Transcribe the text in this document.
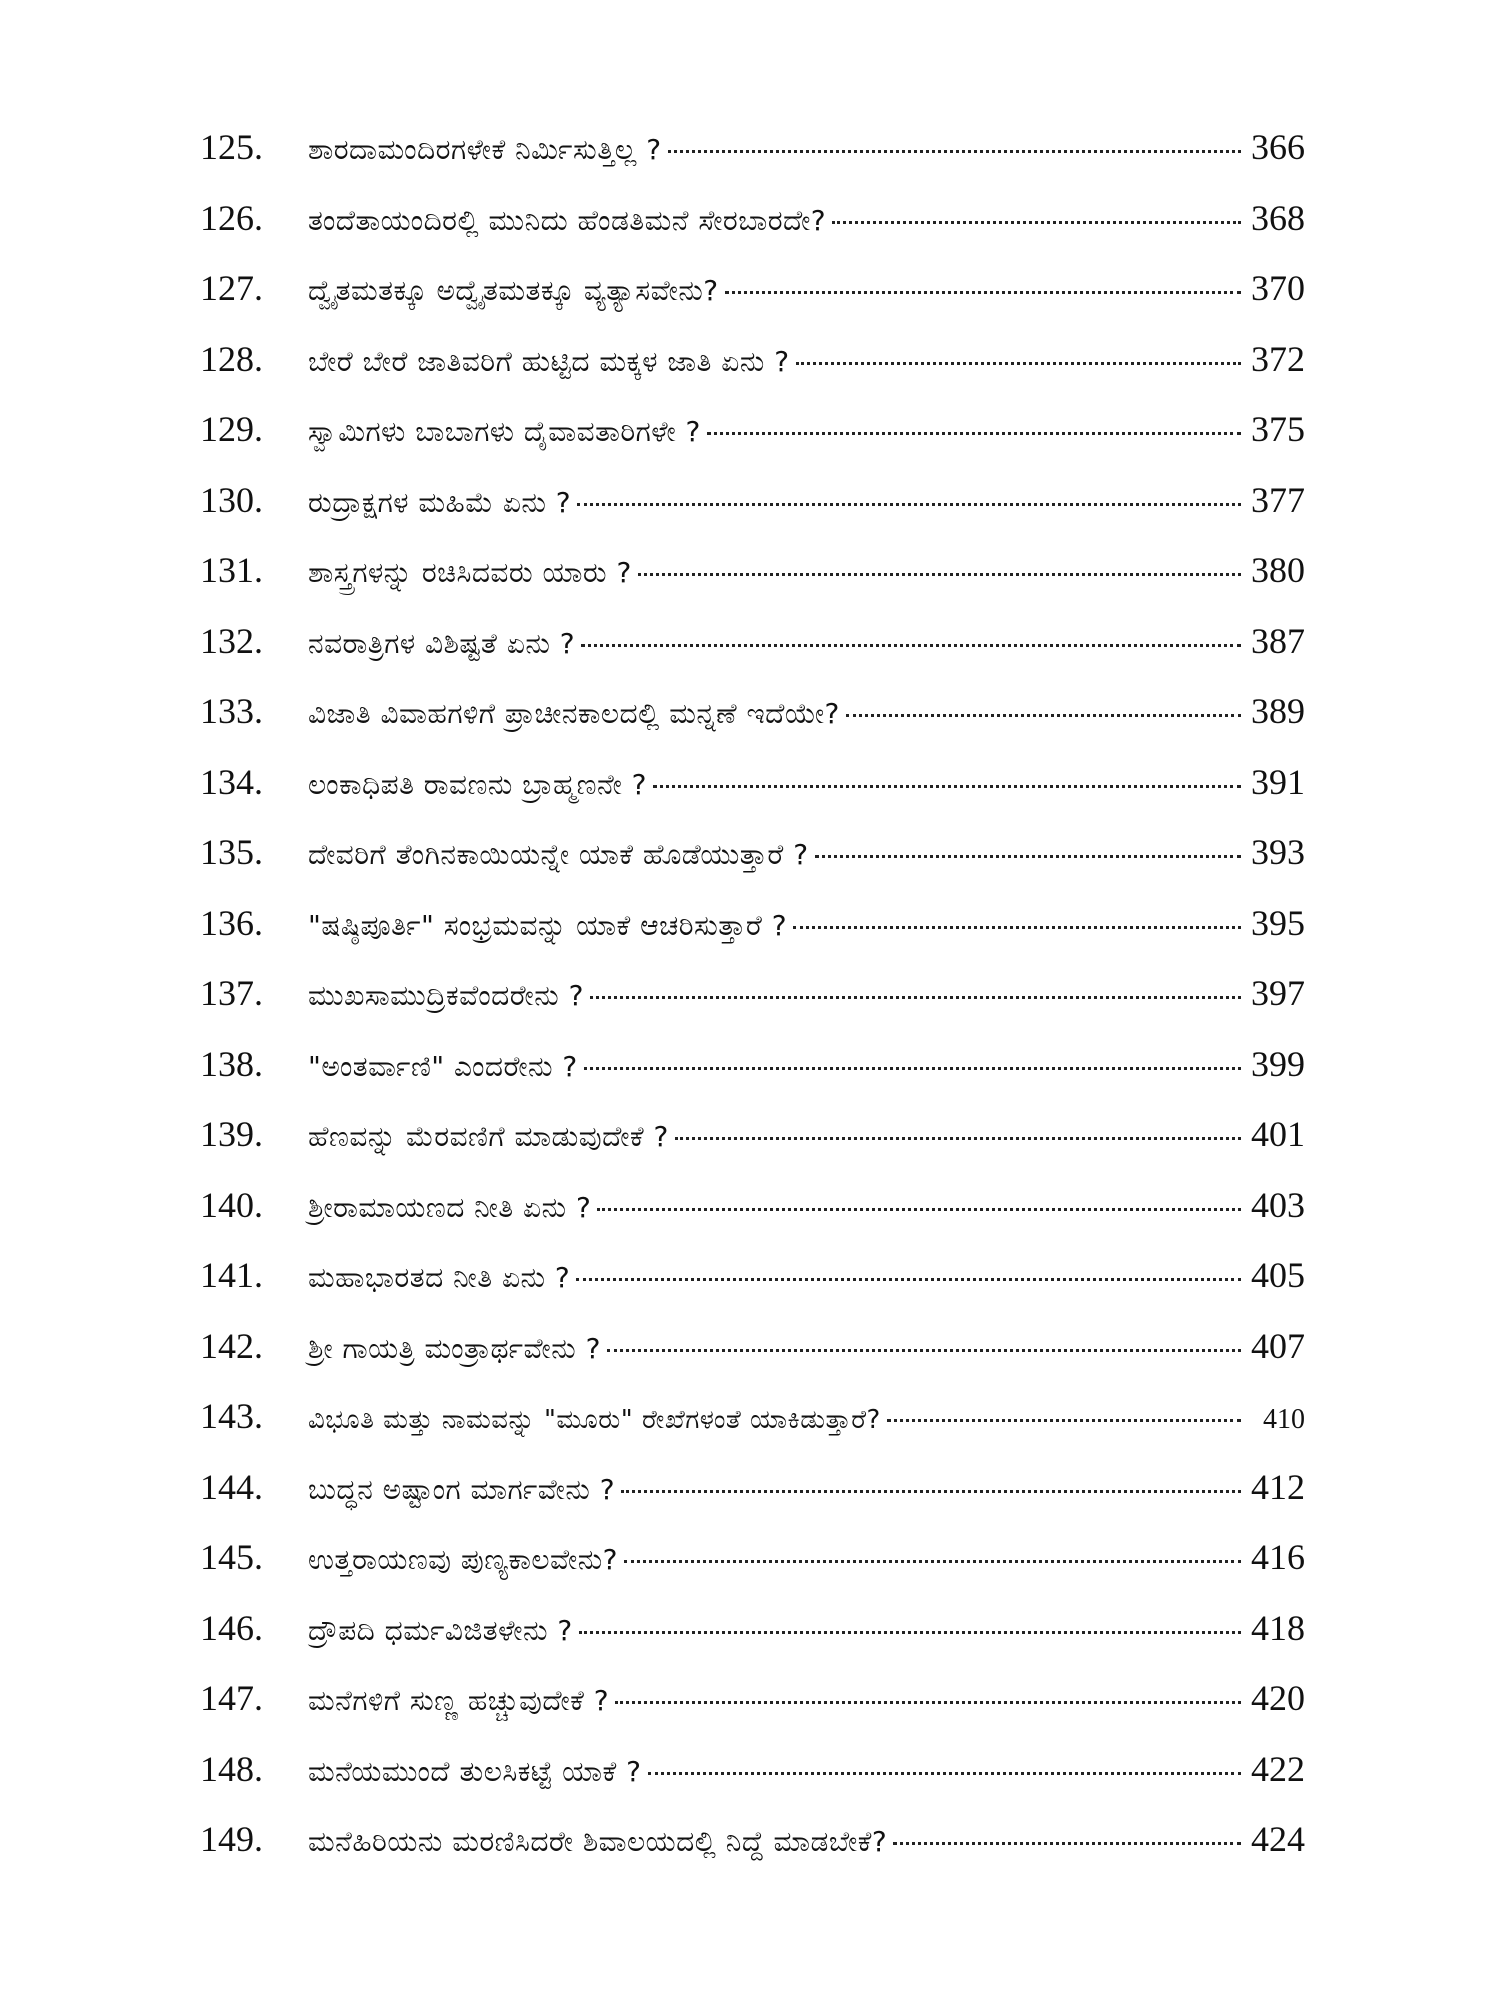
125.	ಶಾರದಾಮಂದಿರಗಳೇಕೆ ನಿರ್ಮಿಸುತ್ತಿಲ್ಲ ?	366
126.	ತಂದೆತಾಯಂದಿರಲ್ಲಿ ಮುನಿದು ಹೆಂಡತಿಮನೆ ಸೇರಬಾರದೇ?	368
127.	ದ್ವೈತಮತಕ್ಕೂ ಅದ್ವೈತಮತಕ್ಕೂ ವ್ಯತ್ಯಾಸವೇನು?	370
128.	ಬೇರೆ ಬೇರೆ ಜಾತಿವರಿಗೆ ಹುಟ್ಟಿದ ಮಕ್ಕಳ ಜಾತಿ ಏನು ?	372
129.	ಸ್ವಾಮಿಗಳು ಬಾಬಾಗಳು ದೈವಾವತಾರಿಗಳೇ ?	375
130.	ರುದ್ರಾಕ್ಷಗಳ ಮಹಿಮೆ ಏನು ?	377
131.	ಶಾಸ್ತ್ರಗಳನ್ನು ರಚಿಸಿದವರು ಯಾರು ?	380
132.	ನವರಾತ್ರಿಗಳ ವಿಶಿಷ್ಟತೆ ಏನು ?	387
133.	ವಿಜಾತಿ ವಿವಾಹಗಳಿಗೆ ಪ್ರಾಚೀನಕಾಲದಲ್ಲಿ ಮನ್ನಣೆ ಇದೆಯೇ?	389
134.	ಲಂಕಾಧಿಪತಿ ರಾವಣನು ಬ್ರಾಹ್ಮಣನೇ ?	391
135.	ದೇವರಿಗೆ ತೆಂಗಿನಕಾಯಿಯನ್ನೇ ಯಾಕೆ ಹೊಡೆಯುತ್ತಾರೆ ?	393
136.	"ಷಷ್ಠಿಪೂರ್ತಿ" ಸಂಭ್ರಮವನ್ನು ಯಾಕೆ ಆಚರಿಸುತ್ತಾರೆ ?	395
137.	ಮುಖಸಾಮುದ್ರಿಕವೆಂದರೇನು ?	397
138.	"ಅಂತರ್ವಾಣಿ" ಎಂದರೇನು ?	399
139.	ಹೆಣವನ್ನು ಮೆರವಣಿಗೆ ಮಾಡುವುದೇಕೆ ?	401
140.	ಶ್ರೀರಾಮಾಯಣದ ನೀತಿ ಏನು ?	403
141.	ಮಹಾಭಾರತದ ನೀತಿ ಏನು ?	405
142.	ಶ್ರೀ ಗಾಯತ್ರಿ ಮಂತ್ರಾರ್ಥವೇನು ?	407
143.	ವಿಭೂತಿ ಮತ್ತು ನಾಮವನ್ನು "ಮೂರು" ರೇಖೆಗಳಂತೆ ಯಾಕಿಡುತ್ತಾರೆ?	410
144.	ಬುದ್ಧನ ಅಷ್ಟಾಂಗ ಮಾರ್ಗವೇನು ?	412
145.	ಉತ್ತರಾಯಣವು ಪುಣ್ಯಕಾಲವೇನು?	416
146.	ದ್ರೌಪದಿ ಧರ್ಮವಿಜಿತಳೇನು ?	418
147.	ಮನೆಗಳಿಗೆ ಸುಣ್ಣ ಹಚ್ಚುವುದೇಕೆ ?	420
148.	ಮನೆಯಮುಂದೆ ತುಲಸಿಕಟ್ಟೆ ಯಾಕೆ ?	422
149.	ಮನೆಹಿರಿಯನು ಮರಣಿಸಿದರೇ ಶಿವಾಲಯದಲ್ಲಿ ನಿದ್ದೆ ಮಾಡಬೇಕೆ?	424
